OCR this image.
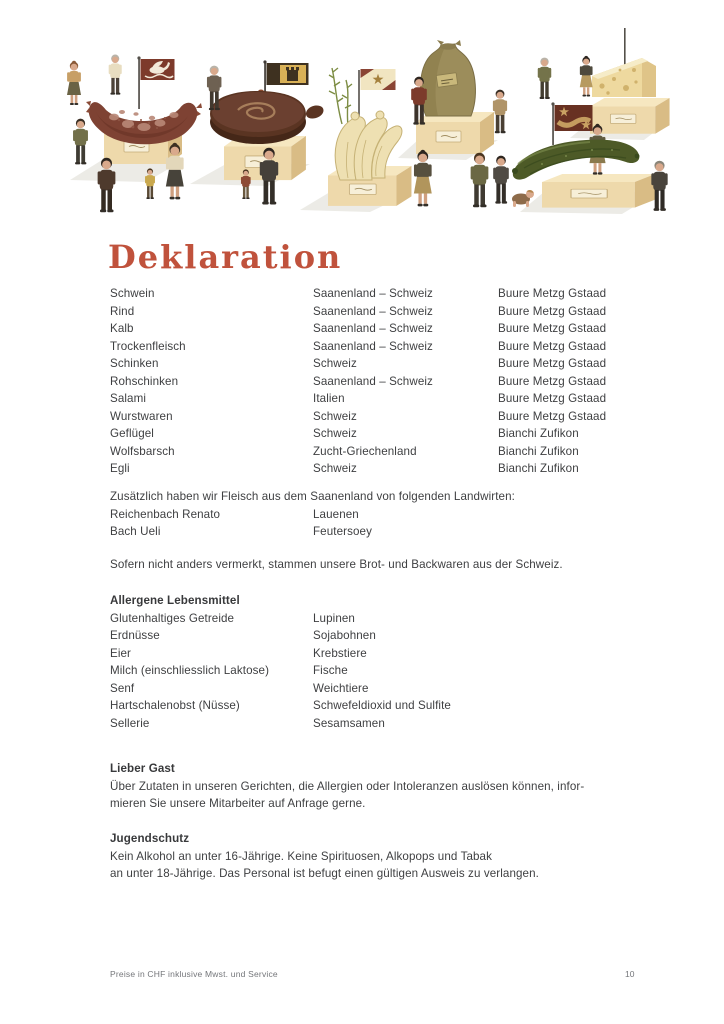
Deklaration
Schwein	Saanenland – Schweiz	Buure Metzg Gstaad
Rind	Saanenland – Schweiz	Buure Metzg Gstaad
Kalb	Saanenland – Schweiz	Buure Metzg Gstaad
Trockenfleisch	Saanenland – Schweiz	Buure Metzg Gstaad
Schinken	Schweiz	Buure Metzg Gstaad
Rohschinken	Saanenland – Schweiz	Buure Metzg Gstaad
Salami	Italien	Buure Metzg Gstaad
Wurstwaren	Schweiz	Buure Metzg Gstaad
Geflügel	Schweiz	Bianchi Zufikon
Wolfsbarsch	Zucht-Griechenland	Bianchi Zufikon
Egli	Schweiz	Bianchi Zufikon
Zusätzlich haben wir Fleisch aus dem Saanenland von folgenden Landwirten:
Reichenbach Renato	Lauenen
Bach Ueli	Feutersoey
Sofern nicht anders vermerkt, stammen unsere Brot- und Backwaren aus der Schweiz.
Allergene Lebensmittel
Glutenhaltiges Getreide	Lupinen
Erdnüsse	Sojabohnen
Eier	Krebstiere
Milch (einschliesslich Laktose)	Fische
Senf	Weichtiere
Hartschalenobst (Nüsse)	Schwefeldioxid und Sulfite
Sellerie	Sesamsamen
Lieber Gast
Über Zutaten in unseren Gerichten, die Allergien oder Intoleranzen auslösen können, infor-
mieren Sie unsere Mitarbeiter auf Anfrage gerne.
Jugendschutz
Kein Alkohol an unter 16-Jährige. Keine Spirituosen, Alkopops und Tabak
an unter 18-Jährige. Das Personal ist befugt einen gültigen Ausweis zu verlangen.
Preise in CHF inklusive Mwst. und Service	10
